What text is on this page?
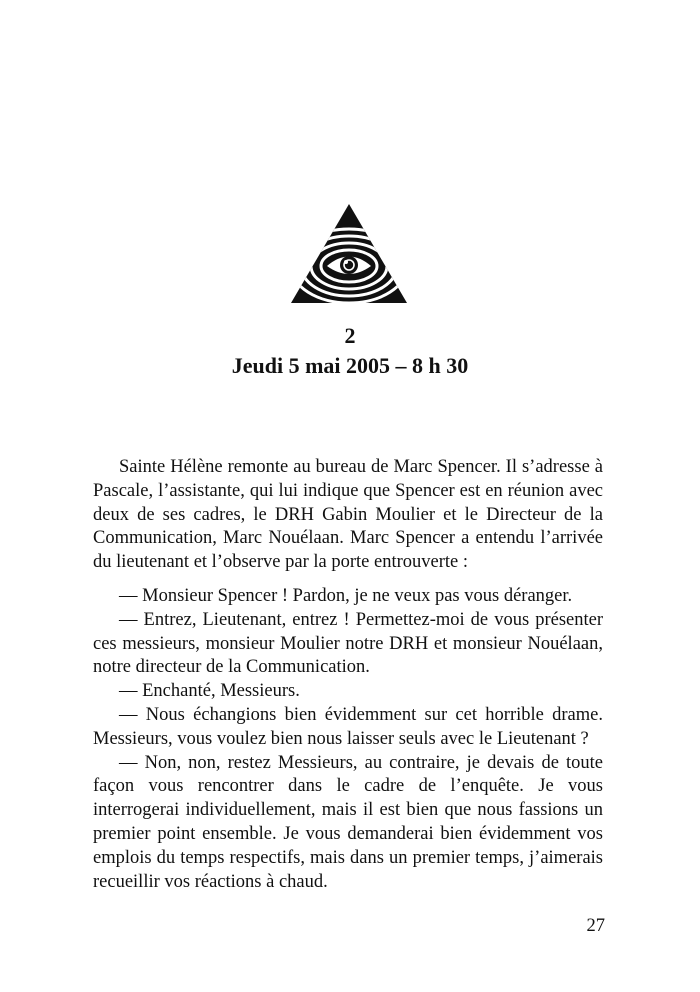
2
Jeudi 5 mai 2005 – 8 h 30

Sainte Hélène remonte au bureau de Marc Spencer. Il s’adresse à Pascale, l’assistante, qui lui indique que Spencer est en réunion avec deux de ses cadres, le DRH Gabin Moulier et le Directeur de la Communication, Marc Nouélaan. Marc Spencer a entendu l’arrivée du lieutenant et l’observe par la porte entrouverte :

— Monsieur Spencer ! Pardon, je ne veux pas vous déranger.

— Entrez, Lieutenant, entrez ! Permettez-moi de vous présenter ces messieurs, monsieur Moulier notre DRH et monsieur Nouélaan, notre directeur de la Communication.

— Enchanté, Messieurs.

— Nous échangions bien évidemment sur cet horrible drame. Messieurs, vous voulez bien nous laisser seuls avec le Lieutenant ?

— Non, non, restez Messieurs, au contraire, je devais de toute façon vous rencontrer dans le cadre de l’enquête. Je vous interrogerai individuellement, mais il est bien que nous fassions un premier point ensemble. Je vous demanderai bien évidemment vos emplois du temps respectifs, mais dans un premier temps, j’aimerais recueillir vos réactions à chaud.

27
